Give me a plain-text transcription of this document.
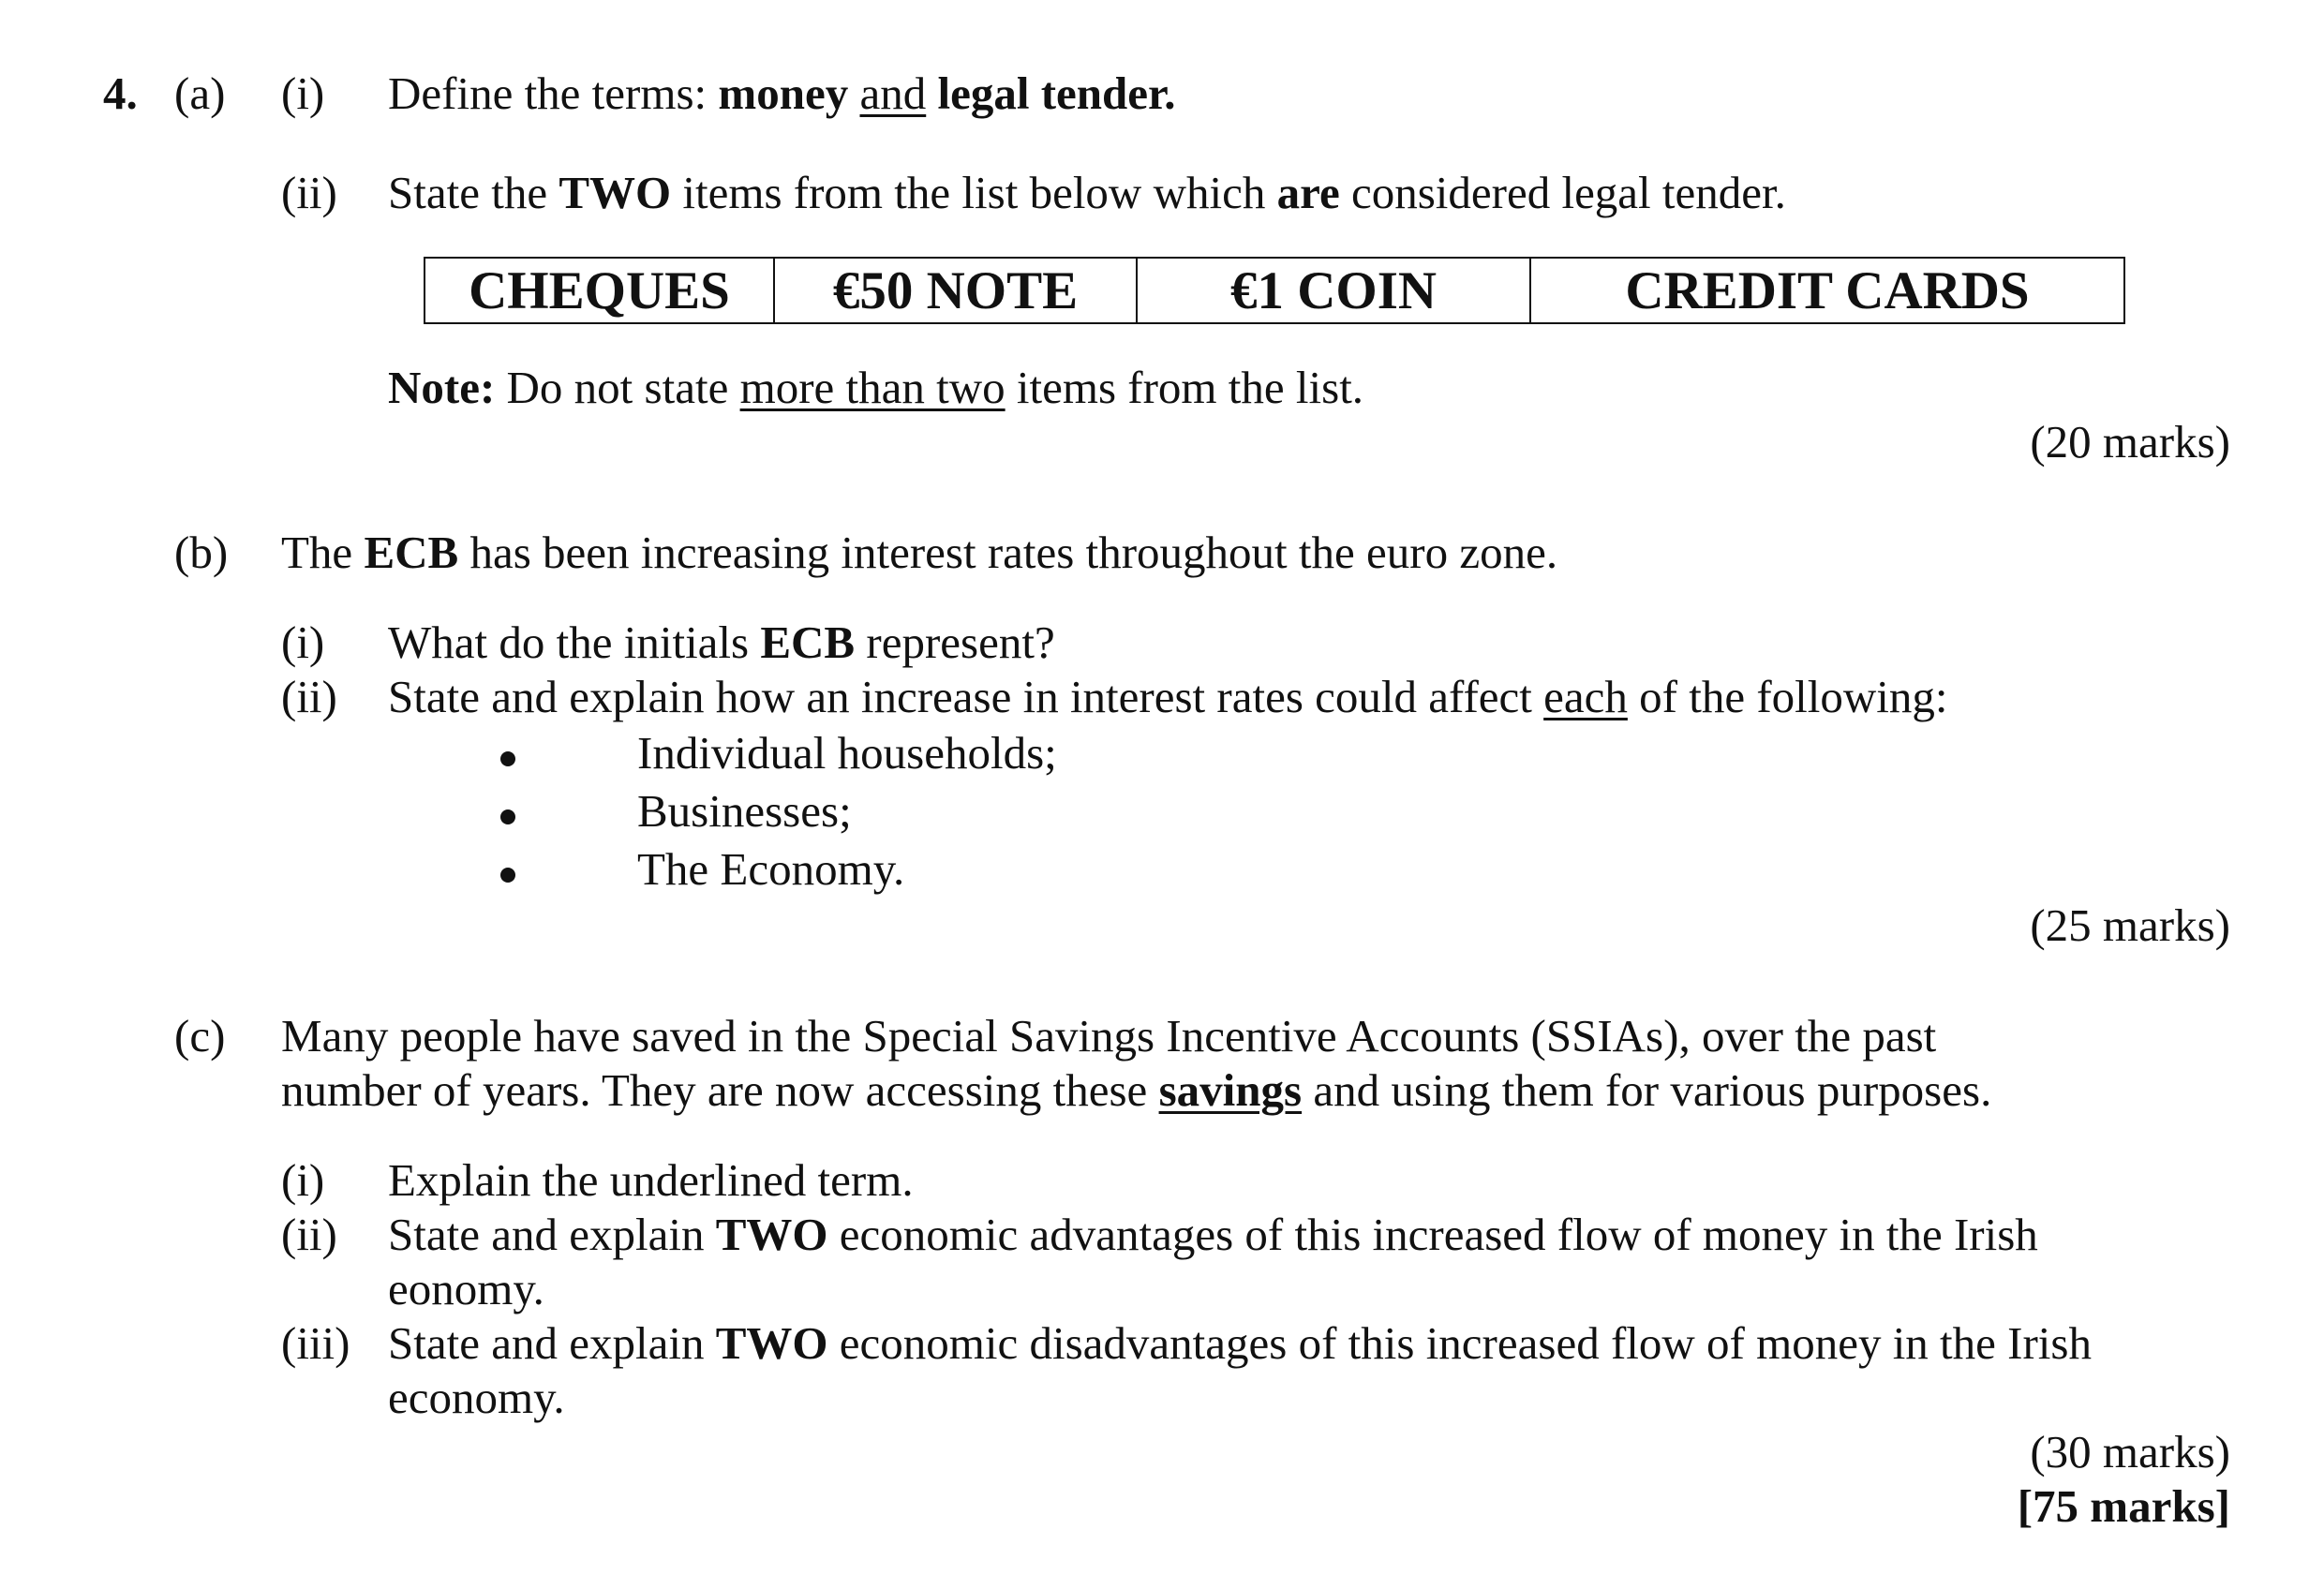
4. (a) (i) Define the terms: money and legal tender.
(ii) State the TWO items from the list below which are considered legal tender.
CHEQUES	€50 NOTE	€1 COIN	CREDIT CARDS
Note: Do not state more than two items from the list.
(20 marks)
(b) The ECB has been increasing interest rates throughout the euro zone.
(i) What do the initials ECB represent?
(ii) State and explain how an increase in interest rates could affect each of the following:
Individual households;
Businesses;
The Economy.
(25 marks)
(c) Many people have saved in the Special Savings Incentive Accounts (SSIAs), over the past
number of years. They are now accessing these savings and using them for various purposes.
(i) Explain the underlined term.
(ii) State and explain TWO economic advantages of this increased flow of money in the Irish
eonomy.
(iii) State and explain TWO economic disadvantages of this increased flow of money in the Irish
economy.
(30 marks)
[75 marks]
